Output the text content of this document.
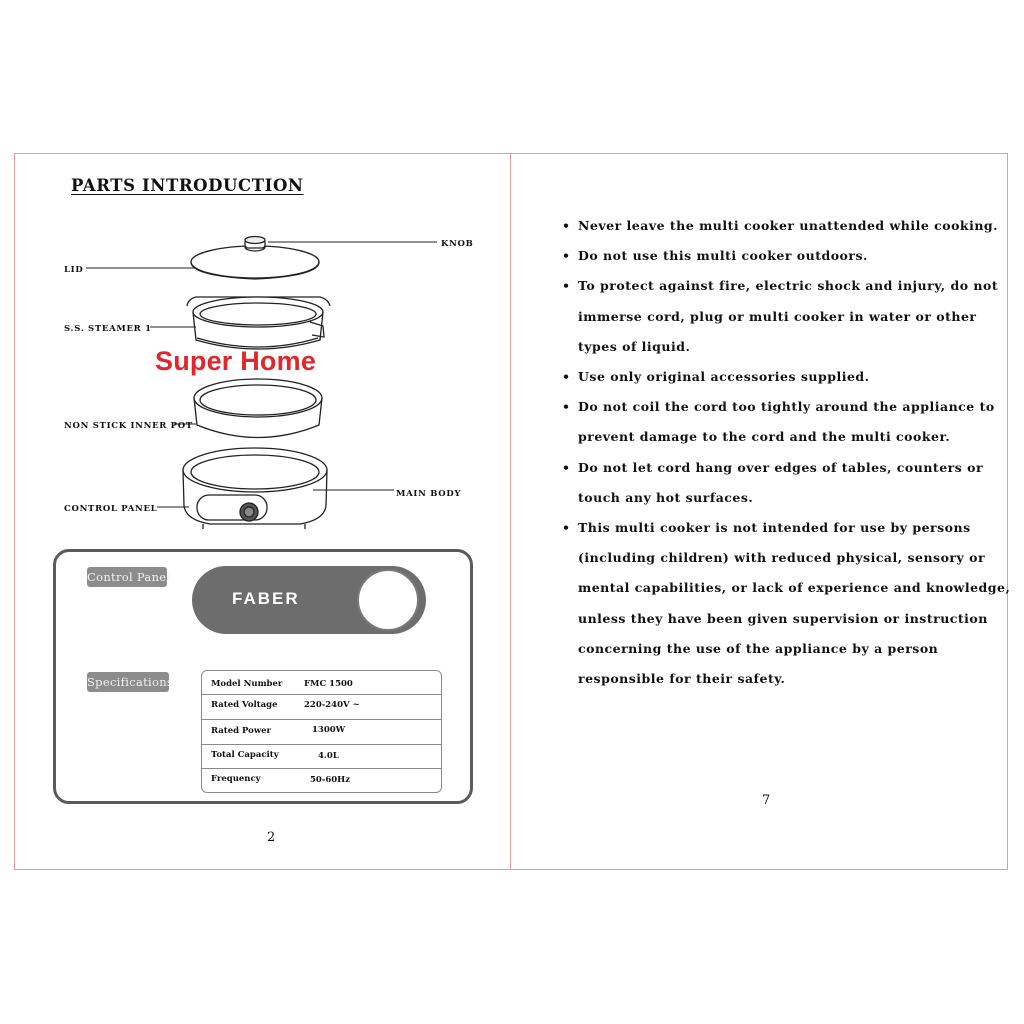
PARTS INTRODUCTION
KNOB
LID
S.S. STEAMER 1
NON STICK INNER POT
MAIN BODY
CONTROL PANEL
Super Home
Control Panel
FABER
Specifications	Model Number	FMC 1500
Rated Voltage	220-240V ~
Rated Power	1300W
Total Capacity	4.0L
Frequency	50-60Hz
2
• Never leave the multi cooker unattended while cooking.
• Do not use this multi cooker outdoors.
• To protect against fire, electric shock and injury, do not
immerse cord, plug or multi cooker in water or other
types of liquid.
• Use only original accessories supplied.
• Do not coil the cord too tightly around the appliance to
prevent damage to the cord and the multi cooker.
• Do not let cord hang over edges of tables, counters or
touch any hot surfaces.
• This multi cooker is not intended for use by persons
(including children) with reduced physical, sensory or
mental capabilities, or lack of experience and knowledge,
unless they have been given supervision or instruction
concerning the use of the appliance by a person
responsible for their safety.
7
